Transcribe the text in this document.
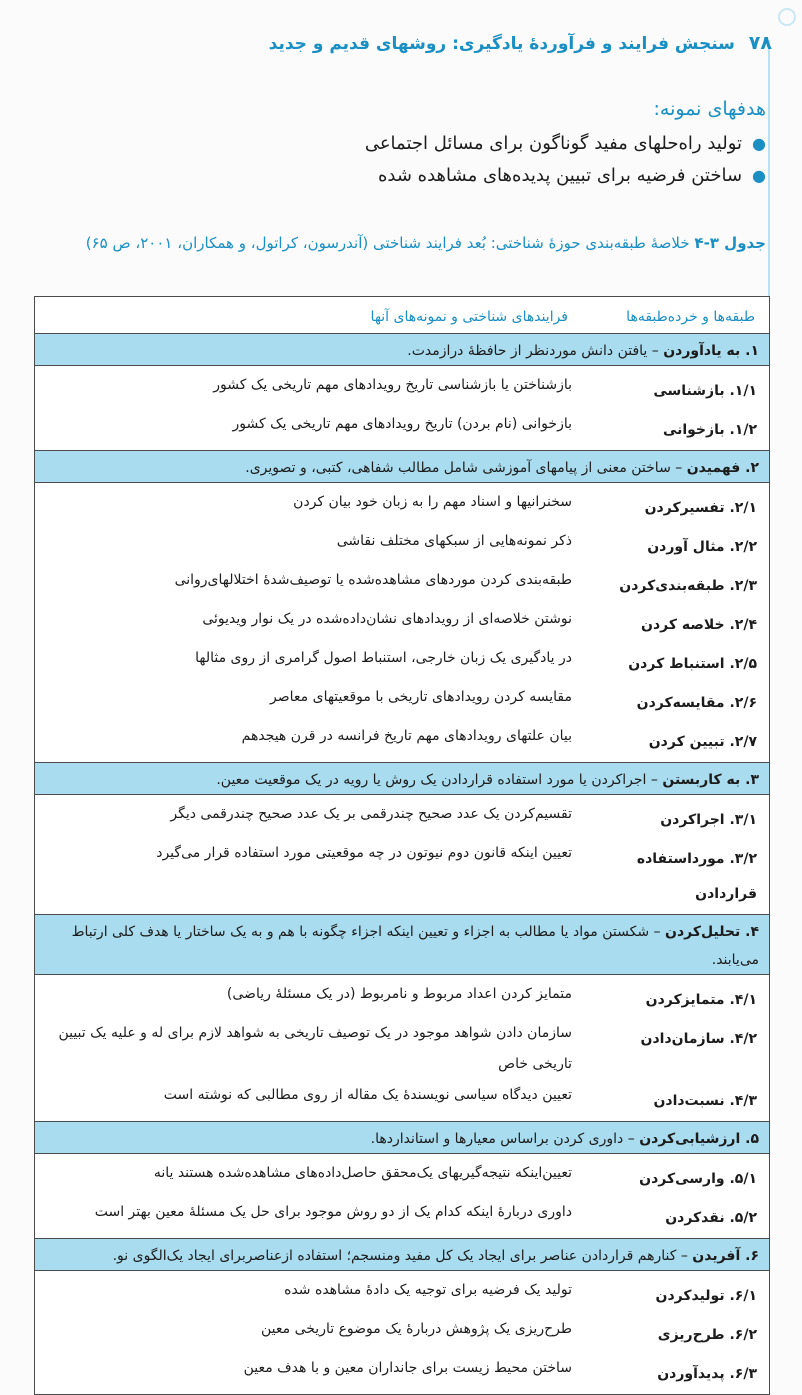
۷۸ سنجش فرایند و فرآوردهٔ یادگیری: روشهای قدیم و جدید
هدفهای نمونه:
●تولید راه‌حلهای مفید گوناگون برای مسائل اجتماعی
●ساختن فرضیه برای تبیین پدیده‌های مشاهده شده
جدول ۳-۴ خلاصهٔ طبقه‌بندی حوزهٔ شناختی: بُعد فرایند شناختی (آندرسون، کراتول، و همکاران، ۲۰۰۱، ص ۶۵)
طبقه‌ها و خرده‌طبقه‌ها
فرایندهای شناختی و نمونه‌های آنها
۱. به یادآوردن – یافتن دانش موردنظر از حافظهٔ درازمدت.
۱/۱. بازشناسی
بازشناختن یا بازشناسی تاریخ رویدادهای مهم تاریخی یک کشور
۱/۲. بازخوانی
بازخوانی (نام بردن) تاریخ رویدادهای مهم تاریخی یک کشور
۲. فهمیدن – ساختن معنی از پیامهای آموزشی شامل مطالب شفاهی، کتبی، و تصویری.
۲/۱. تفسیرکردن
سخنرانیها و اسناد مهم را به زبان خود بیان کردن
۲/۲. مثال آوردن
ذکر نمونه‌هایی از سبکهای مختلف نقاشی
۲/۳. طبقه‌بندی‌کردن
طبقه‌بندی کردن موردهای مشاهده‌شده یا توصیف‌شدهٔ اختلالهای‌روانی
۲/۴. خلاصه کردن
نوشتن خلاصه‌ای از رویدادهای نشان‌داده‌شده در یک نوار ویدیوئی
۲/۵. استنباط کردن
در یادگیری یک زبان خارجی، استنباط اصول گرامری از روی مثالها
۲/۶. مقایسه‌کردن
مقایسه کردن رویدادهای تاریخی با موقعیتهای معاصر
۲/۷. تبیین کردن
بیان علتهای رویدادهای مهم تاریخ فرانسه در قرن هیجدهم
۳. به کاربستن – اجراکردن یا مورد استفاده قراردادن یک روش یا رویه در یک موقعیت معین.
۳/۱. اجراکردن
تقسیم‌کردن یک عدد صحیح چندرقمی بر یک عدد صحیح چندرقمی دیگر
۳/۲. مورداستفاده قراردادن
تعیین اینکه قانون دوم نیوتون در چه موقعیتی مورد استفاده قرار می‌گیرد
۴. تحلیل‌کردن – شکستن مواد یا مطالب به اجزاء و تعیین اینکه اجزاء چگونه با هم و به یک ساختار یا هدف کلی ارتباط می‌یابند.
۴/۱. متمایزکردن
متمایز کردن اعداد مربوط و نامربوط (در یک مسئلهٔ ریاضی)
۴/۲. سازمان‌دادن
سازمان دادن شواهد موجود در یک توصیف تاریخی به شواهد لازم برای له و علیه یک تبیین تاریخی خاص
۴/۳. نسبت‌دادن
تعیین دیدگاه سیاسی نویسندهٔ یک مقاله از روی مطالبی که نوشته است
۵. ارزشیابی‌کردن – داوری کردن براساس معیارها و استانداردها.
۵/۱. وارسی‌کردن
تعیین‌اینکه نتیجه‌گیریهای یک‌محقق حاصل‌داده‌های مشاهده‌شده هستند یانه
۵/۲. نقدکردن
داوری دربارهٔ اینکه کدام یک از دو روش موجود برای حل یک مسئلهٔ معین بهتر است
۶. آفریدن – کنارهم قراردادن عناصر برای ایجاد یک کل مفید ومنسجم؛ استفاده ازعناصربرای ایجاد یک‌الگوی نو.
۶/۱. تولیدکردن
تولید یک فرضیه برای توجیه یک دادهٔ مشاهده شده
۶/۲. طرح‌ریزی
طرح‌ریزی یک پژوهش دربارهٔ یک موضوع تاریخی معین
۶/۳. پدیدآوردن
ساختن محیط زیست برای جانداران معین و با هدف معین
